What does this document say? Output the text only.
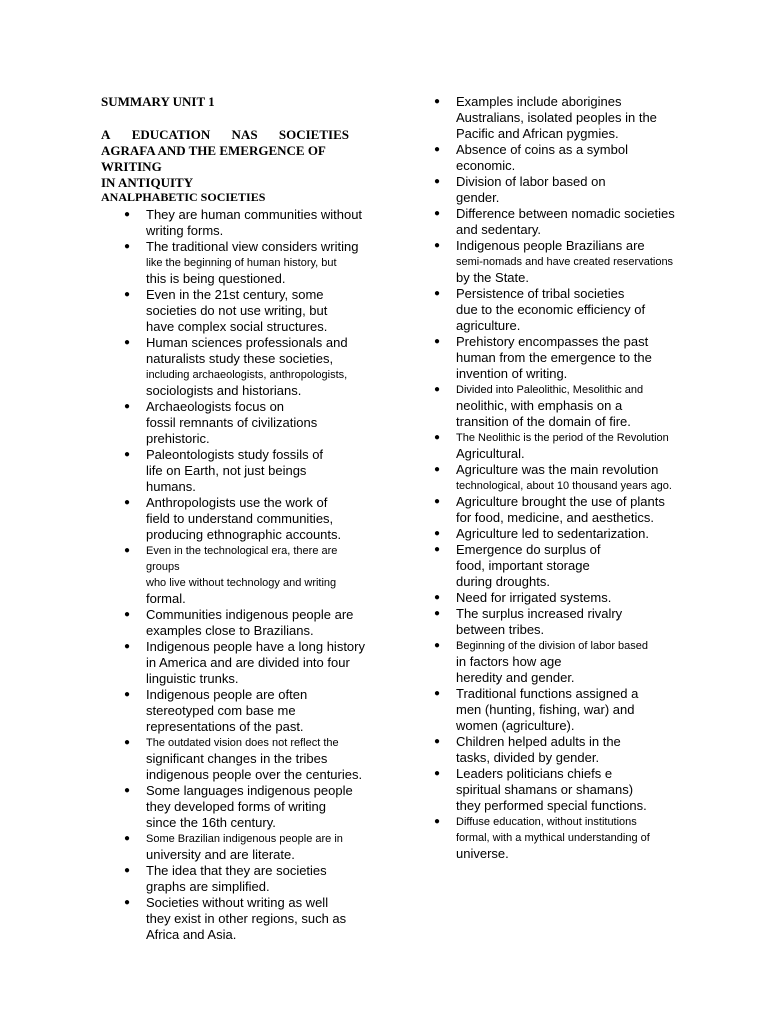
SUMMARY UNIT 1
A EDUCATION NAS SOCIETIES
AGRAFA AND THE EMERGENCE OF WRITING
IN ANTIQUITY
ANALPHABETIC SOCIETIES
● They are human communities without
writing forms.
● The traditional view considers writing
like the beginning of human history, but
this is being questioned.
● Even in the 21st century, some
societies do not use writing, but
have complex social structures.
● Human sciences professionals and
naturalists study these societies,
including archaeologists, anthropologists,
sociologists and historians.
● Archaeologists focus on
fossil remnants of civilizations
prehistoric.
● Paleontologists study fossils of
life on Earth, not just beings
humans.
● Anthropologists use the work of
field to understand communities,
producing ethnographic accounts.
● Even in the technological era, there are groups
who live without technology and writing
formal.
● Communities indigenous people are
examples close to Brazilians.
● Indigenous people have a long history
in America and are divided into four
linguistic trunks.
● Indigenous people are often
stereotyped com base me
representations of the past.
● The outdated vision does not reflect the
significant changes in the tribes
indigenous people over the centuries.
● Some languages indigenous people
they developed forms of writing
since the 16th century.
● Some Brazilian indigenous people are in
university and are literate.
● The idea that they are societies
graphs are simplified.
● Societies without writing as well
they exist in other regions, such as
Africa and Asia.
● Examples include aborigines
Australians, isolated peoples in the
Pacific and African pygmies.
● Absence of coins as a symbol
economic.
● Division of labor based on
gender.
● Difference between nomadic societies
and sedentary.
● Indigenous people Brazilians are
semi-nomads and have created reservations
by the State.
● Persistence of tribal societies
due to the economic efficiency of
agriculture.
● Prehistory encompasses the past
human from the emergence to the
invention of writing.
● Divided into Paleolithic, Mesolithic and
neolithic, with emphasis on a
transition of the domain of fire.
● The Neolithic is the period of the Revolution
Agricultural.
● Agriculture was the main revolution
technological, about 10 thousand years ago.
● Agriculture brought the use of plants
for food, medicine, and aesthetics.
● Agriculture led to sedentarization.
● Emergence do surplus of
food, important storage
during droughts.
● Need for irrigated systems.
● The surplus increased rivalry
between tribes.
● Beginning of the division of labor based
in factors how age
heredity and gender.
● Traditional functions assigned a
men (hunting, fishing, war) and
women (agriculture).
● Children helped adults in the
tasks, divided by gender.
● Leaders politicians chiefs e
spiritual shamans or shamans)
they performed special functions.
● Diffuse education, without institutions
formal, with a mythical understanding of
universe.
